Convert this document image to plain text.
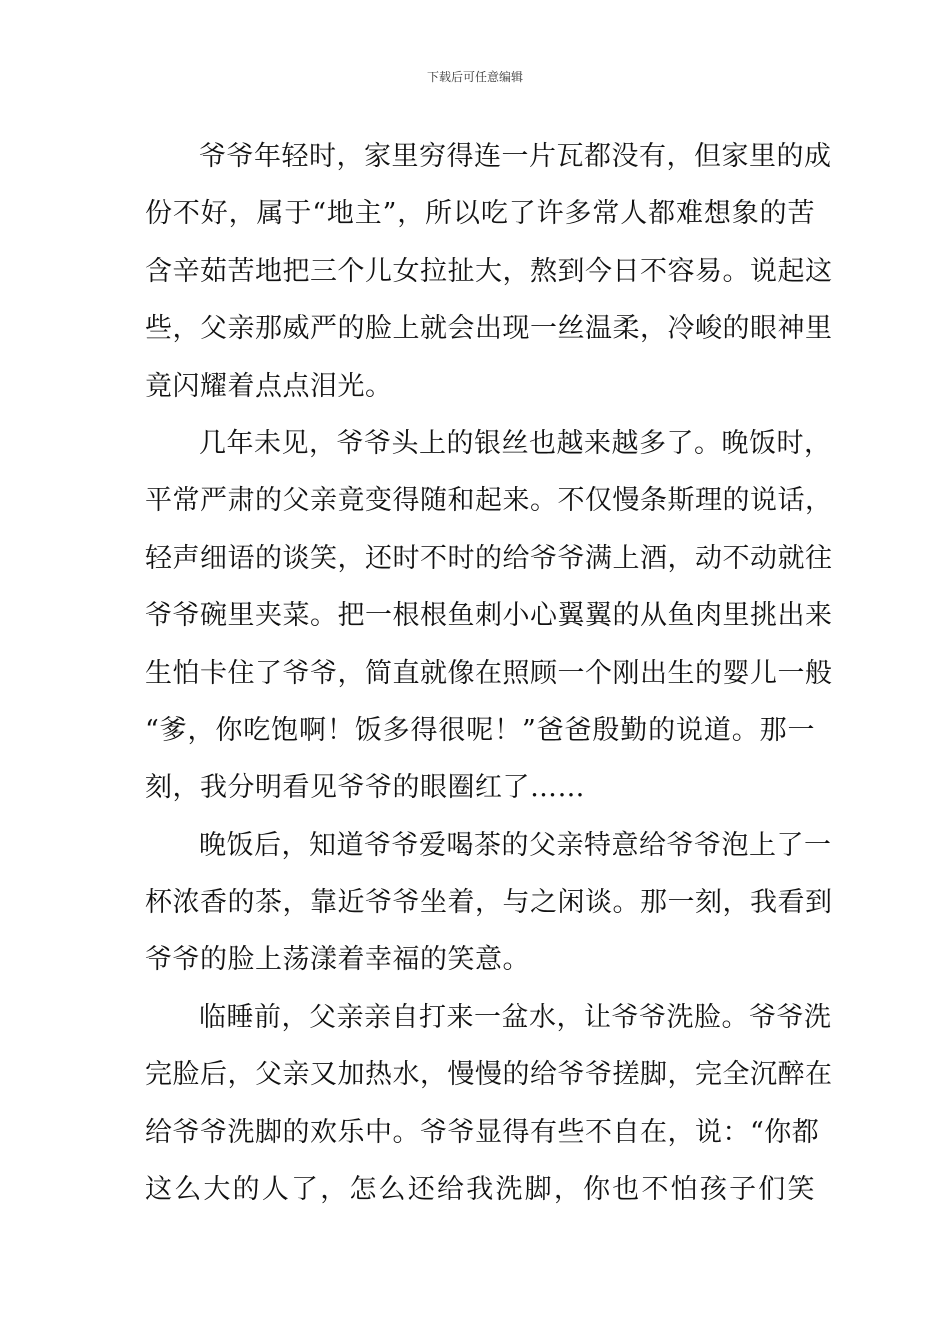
下载后可任意编辑
爷爷年轻时，家里穷得连一片瓦都没有，但家里的成
份不好，属于“地主”，所以吃了许多常人都难想象的苦
含辛茹苦地把三个儿女拉扯大，熬到今日不容易。说起这
些，父亲那威严的脸上就会出现一丝温柔，冷峻的眼神里
竟闪耀着点点泪光。
几年未见，爷爷头上的银丝也越来越多了。晚饭时，
平常严肃的父亲竟变得随和起来。不仅慢条斯理的说话，
轻声细语的谈笑，还时不时的给爷爷满上酒，动不动就往
爷爷碗里夹菜。把一根根鱼刺小心翼翼的从鱼肉里挑出来
生怕卡住了爷爷，简直就像在照顾一个刚出生的婴儿一般
“爹，你吃饱啊！饭多得很呢！”爸爸殷勤的说道。那一
刻，我分明看见爷爷的眼圈红了……
晚饭后，知道爷爷爱喝茶的父亲特意给爷爷泡上了一
杯浓香的茶，靠近爷爷坐着，与之闲谈。那一刻，我看到
爷爷的脸上荡漾着幸福的笑意。
临睡前，父亲亲自打来一盆水，让爷爷洗脸。爷爷洗
完脸后，父亲又加热水，慢慢的给爷爷搓脚，完全沉醉在
给爷爷洗脚的欢乐中。爷爷显得有些不自在，说：“你都
这么大的人了，怎么还给我洗脚，你也不怕孩子们笑
